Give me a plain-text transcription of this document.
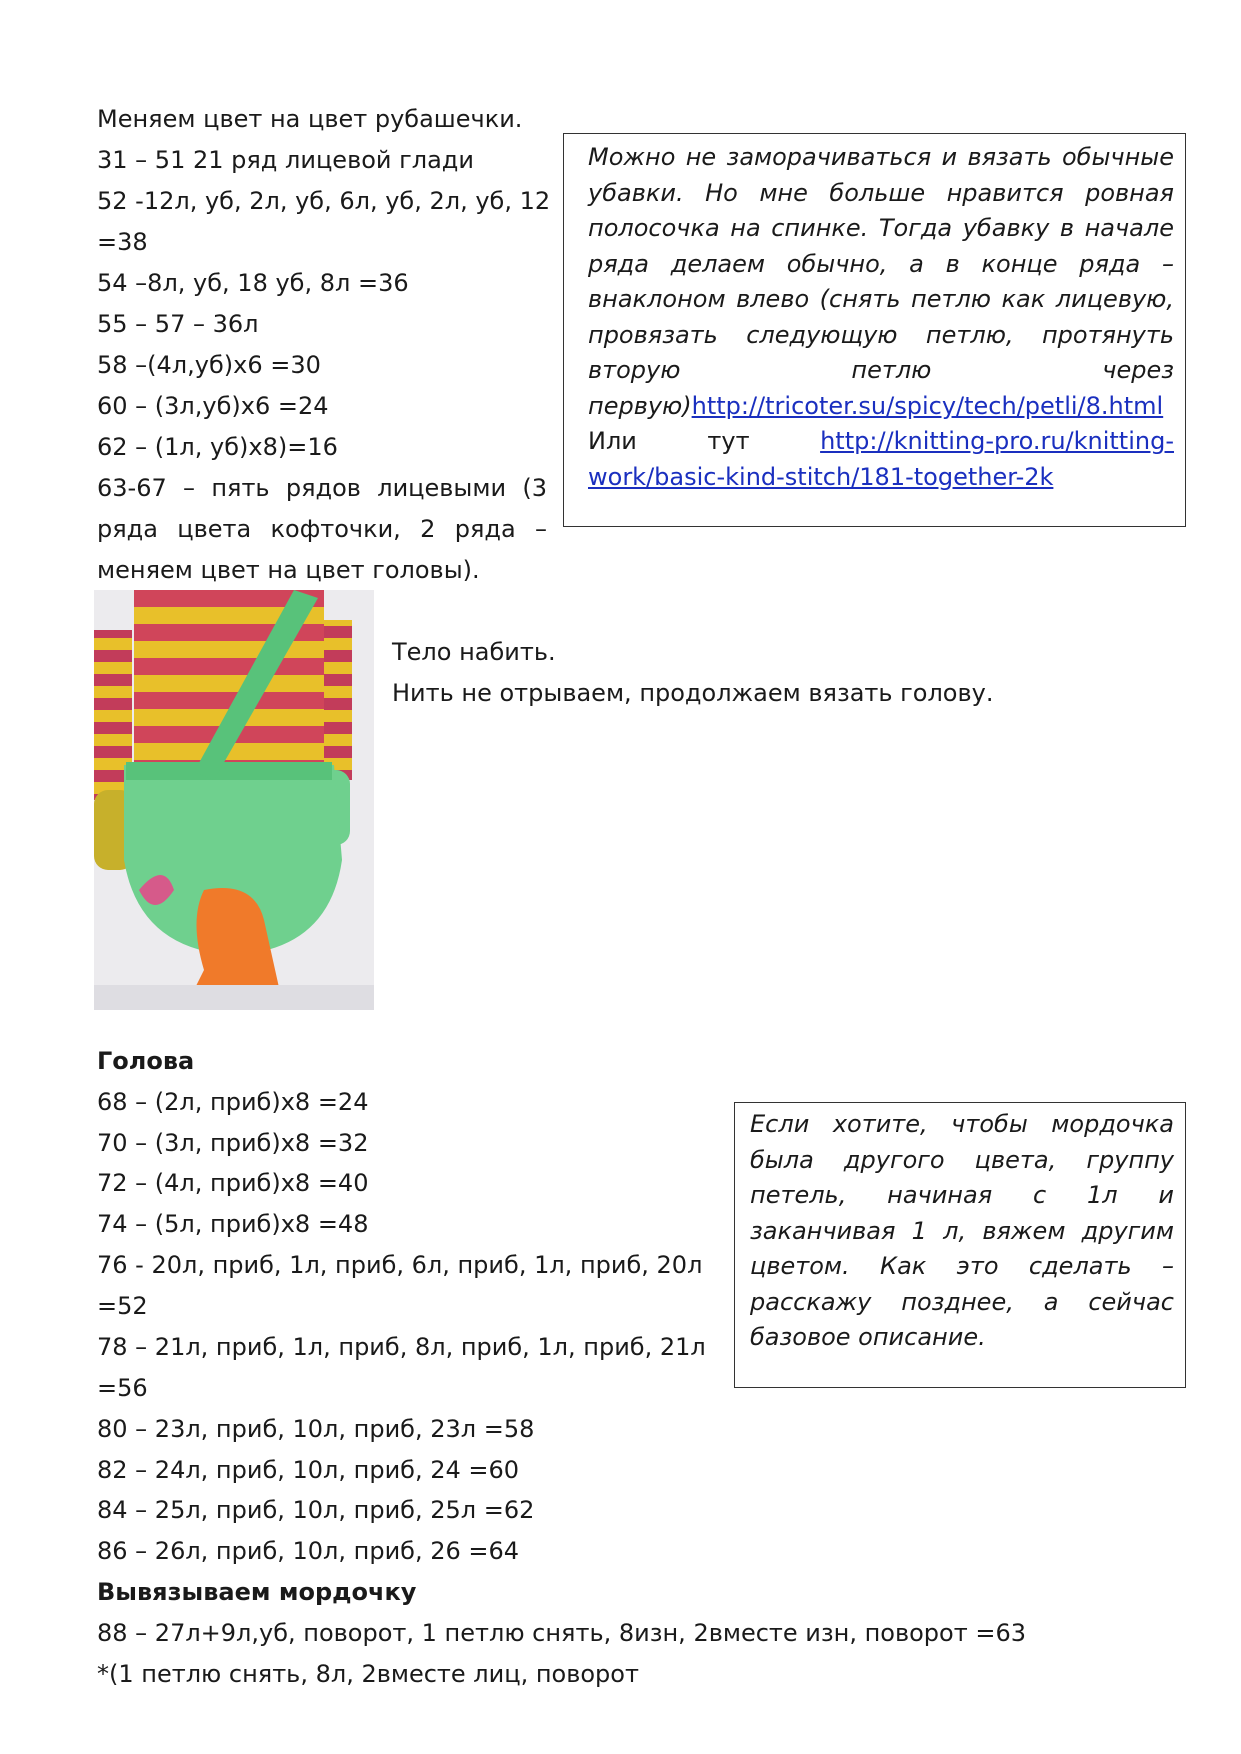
Меняем цвет на цвет рубашечки.
31 – 51 21 ряд лицевой глади
52 -12л, уб, 2л, уб, 6л, уб, 2л, уб, 12
=38
54 –8л, уб, 18 уб, 8л =36
55 – 57 – 36л
58 –(4л,уб)х6 =30
60 – (3л,уб)х6 =24
62 – (1л, уб)х8)=16
63-67 – пять рядов лицевыми (3 ряда цвета кофточки, 2 ряда – меняем цвет на цвет головы).

Можно не заморачиваться и вязать обычные убавки. Но мне больше нравится ровная полосочка на спинке. Тогда убавку в начале ряда делаем обычно, а в конце ряда – внаклоном влево (снять петлю как лицевую, провязать следующую петлю, протянуть вторую петлю через первую)http://tricoter.su/spicy/tech/petli/8.html Или тут http://knitting-pro.ru/knitting-work/basic-kind-stitch/181-together-2k

Тело набить.
Нить не отрываем, продолжаем вязать голову.
Голова
68 – (2л, приб)х8 =24
70 – (3л, приб)х8 =32
72 – (4л, приб)х8 =40
74 – (5л, приб)х8 =48
76 - 20л, приб, 1л, приб, 6л, приб, 1л, приб, 20л
=52
78 – 21л, приб, 1л, приб, 8л, приб, 1л, приб, 21л
=56
80 – 23л, приб, 10л, приб, 23л =58
82 – 24л, приб, 10л, приб, 24 =60
84 – 25л, приб, 10л, приб, 25л =62
86 – 26л, приб, 10л, приб, 26 =64

Если хотите, чтобы мордочка была другого цвета, группу петель, начиная с 1л и заканчивая 1 л, вяжем другим цветом. Как это сделать – расскажу позднее, а сейчас базовое описание.

Вывязываем мордочку
88 – 27л+9л,уб, поворот, 1 петлю снять, 8изн, 2вместе изн, поворот =63
*(1 петлю снять, 8л, 2вместе лиц, поворот
